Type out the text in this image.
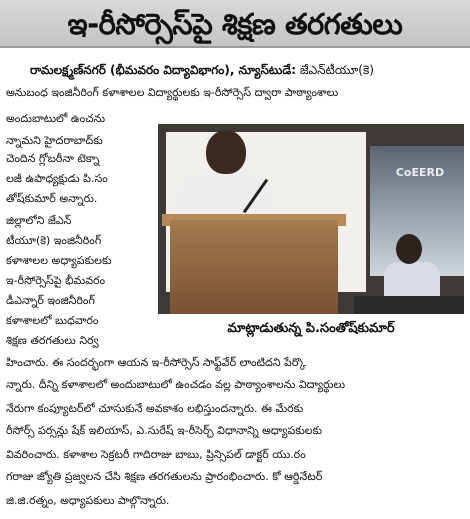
ఇ-రీసోర్సెస్‌పై శిక్షణ తరగతులు
రామలక్ష్మణ్‌నగర్ (భీమవరం విద్యావిభాగం), న్యూస్‌టుడే: జేఎన్‌టీయూ(కె)
అనుబంధ ఇంజినీరింగ్ కళాశాలల విద్యార్థులకు ఇ-రీసోర్సెస్ ద్వారా పాఠ్యాంశాలు
అందుబాటులో ఉంచను
న్నామని హైదరాబాద్‌కు
చెందిన గ్లోబరీనా టెక్నా
లజీ ఉపాధ్యక్షుడు పి.సం
తోష్‌కుమార్ అన్నారు.
జిల్లాలోని జేఎన్
టీయూ(కె) ఇంజినీరింగ్
కళాశాలల అధ్యాపకులకు
ఇ-రీసోర్సెస్‌పై భీమవరం
డీఎన్నార్ ఇంజినీరింగ్
కళాశాలలో బుధవారం
శిక్షణ తరగతులు నిర్వ
హించారు. ఈ సందర్భంగా ఆయన ఇ-రీసోర్సెస్ సాఫ్ట్‌వేర్ లాంటిదని పేర్కొ
న్నారు. దీన్ని కళాశాలలో అందుబాటులో ఉంచడం వల్ల పాఠ్యాంశాలను విద్యార్థులు
నేరుగా కంప్యూటర్‌లో చూసుకునే అవకాశం లభిస్తుందన్నారు. ఈ మేరకు
రీసోర్స్ పర్సన్లు షేక్ ఇలియాస్, ఎ.సురేష్ ఇ-రీసెర్చ్ విధానాన్ని అధ్యాపకులకు
వివరించారు. కళాశాల సెక్రటరీ గాదిరాజు బాబు, ప్రిన్సిపల్ డాక్టర్ యు.రం
గరాజు జ్యోతి ప్రజ్వలన చేసి శిక్షణ తరగతులను ప్రారంభించారు. కో ఆర్డినేటర్
జి.జి.రత్నం, అధ్యాపకులు పాల్గొన్నారు.
CoEERD
మాట్లాడుతున్న పి.సంతోష్‌కుమార్
